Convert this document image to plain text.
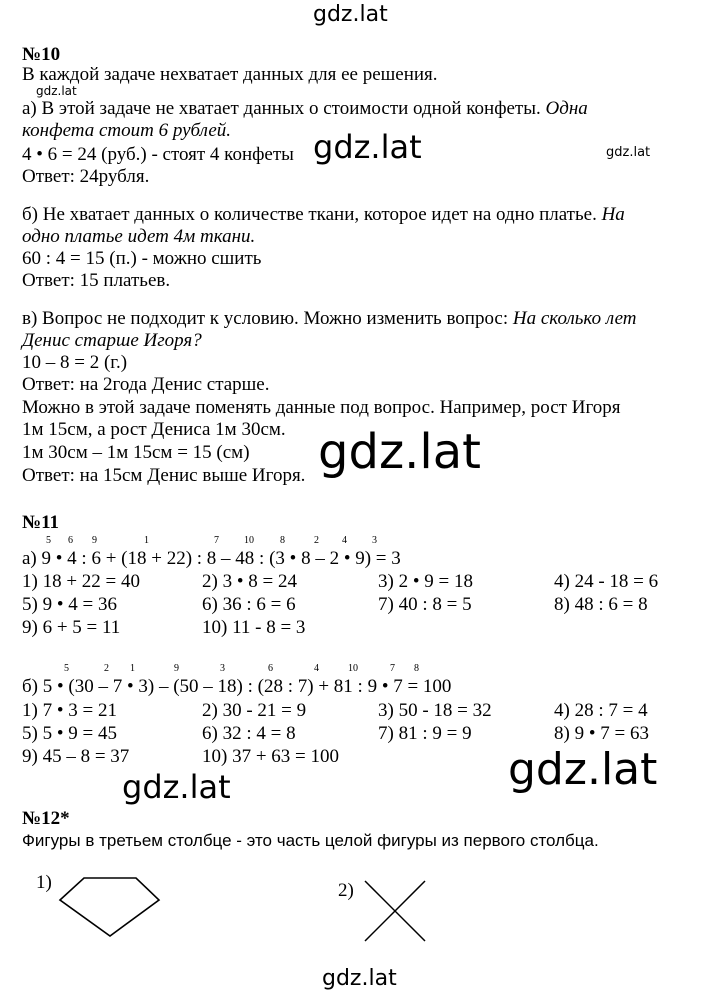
gdz.lat
gdz.lat
gdz.lat	gdz.lat
gdz.lat
gdz.lat	gdz.lat
gdz.lat
№10
В каждой задаче нехватает данных для ее решения.
а) В этой задаче не хватает данных о стоимости одной конфеты. Одна
конфета стоит 6 рублей.
4 • 6 = 24 (руб.) - стоят 4 конфеты
Ответ: 24рубля.
б) Не хватает данных о количестве ткани, которое идет на одно платье. На
одно платье идет 4м ткани.
60 : 4 = 15 (п.) - можно сшить
Ответ: 15 платьев.
в) Вопрос не подходит к условию. Можно изменить вопрос: На сколько лет
Денис старше Игоря?
10 – 8 = 2 (г.)
Ответ: на 2года Денис старше.
Можно в этой задаче поменять данные под вопрос. Например, рост Игоря
1м 15см, а рост Дениса 1м 30см.
1м 30см – 1м 15см = 15 (см)
Ответ: на 15см Денис выше Игоря.
№11
5 6 9	1	7	10	8	2 4	3
а) 9 • 4 : 6 + (18 + 22) : 8 – 48 : (3 • 8 – 2 • 9) = 3
1) 18 + 22 = 40	2) 3 • 8 = 24	3) 2 • 9 = 18	4) 24 - 18 = 6
5) 9 • 4 = 36	6) 36 : 6 = 6	7) 40 : 8 = 5	8) 48 : 6 = 8
9) 6 + 5 = 11	10) 11 - 8 = 3
5	2 1	9	3	6	4	10	7 8
б) 5 • (30 – 7 • 3) – (50 – 18) : (28 : 7) + 81 : 9 • 7 = 100
1) 7 • 3 = 21	2) 30 - 21 = 9	3) 50 - 18 = 32	4) 28 : 7 = 4
5) 5 • 9 = 45	6) 32 : 4 = 8	7) 81 : 9 = 9	8) 9 • 7 = 63
9) 45 – 8 = 37	10) 37 + 63 = 100
№12*
Фигуры в третьем столбце - это часть целой фигуры из первого столбца.
1)	2)
